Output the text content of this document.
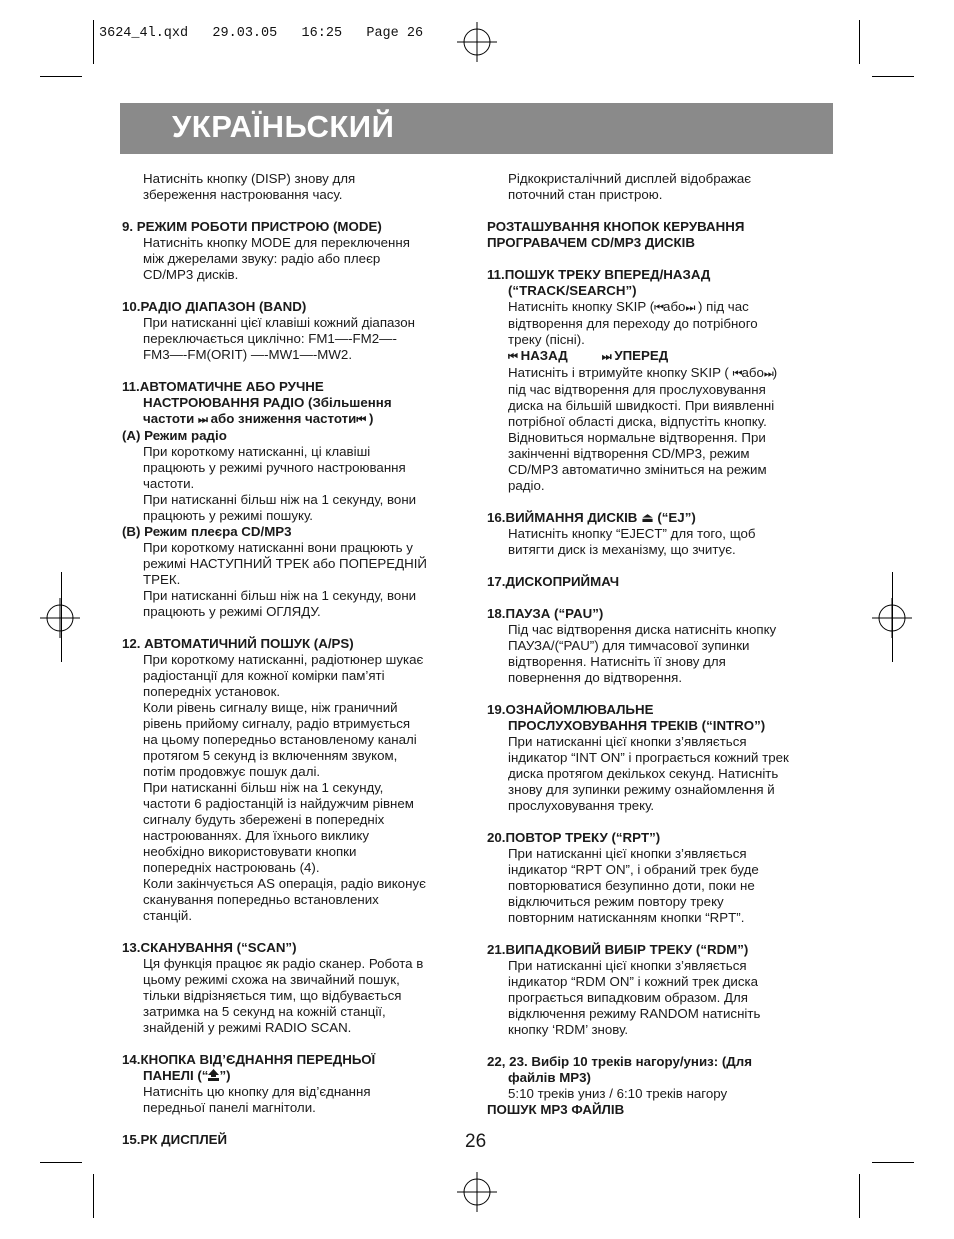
3624_4l.qxd   29.03.05   16:25   Page 26
УКРАЇНЬСКИЙ

Натисніть кнопку (DISP) знову для

збереження настроювання часу.

9. РЕЖИМ РОБОТИ ПРИСТРОЮ (MODE)

Натисніть кнопку MODE для переключення

між джерелами звуку: радіо або плеєр

CD/MP3 дисків.

10.РАДІО ДІАПАЗОН (BAND)

При натисканні цієї клавіші кожний діапазон

переключається циклічно: FM1—-FM2—-

FM3—-FM(ORIT) —-MW1—-MW2.

11.АВТОМАТИЧНЕ АБО РУЧНЕ

НАСТРОЮВАННЯ РАДІО (Збільшення

частоти ⏭ або зниження частоти⏮ )

(А) Режим радіо

При короткому натисканні, ці клавіші

працюють у режимі ручного настроювання

частоти.

При натисканні більш ніж на 1 секунду, вони

працюють у режимі пошуку.

(В) Режим плеєра CD/MP3

При короткому натисканні вони працюють у

режимі НАСТУПНИЙ ТРЕК або ПОПЕРЕДНІЙ

ТРЕК.

При натисканні більш ніж на 1 секунду, вони

працюють у режимі ОГЛЯДУ.

12. АВТОМАТИЧНИЙ ПОШУК (A/PS)

При короткому натисканні, радіотюнер шукає

радіостанції для кожної комірки пам’яті

попередніх установок.

Коли рівень сигналу вище, ніж граничний

рівень прийому сигналу, радіо втримується

на цьому попередньо встановленому каналі

протягом 5 секунд із включенням звуком,

потім продовжує пошук далі.

При натисканні більш ніж на 1 секунду,

частоти 6 радіостанцій із найдужчим рівнем

сигналу будуть збережені в попередніх

настроюваннях. Для їхнього виклику

необхідно використовувати кнопки

попередніх настроювань (4).

Коли закінчується AS операція, радіо виконує

сканування попередньо встановлених

станцій.

13.СКАНУВАННЯ (“SCAN”)

Ця функція працює як радіо сканер. Робота в

цьому режимі схожа на звичайний пошук,

тільки відрізняється тим, що відбувається

затримка на 5 секунд на кожній станції,

знайденій у режимі RADIO SCAN.

14.КНОПКА ВІД’ЄДНАННЯ ПЕРЕДНЬОЇ

ПАНЕЛІ (“ ”)

Натисніть цю кнопку для від’єднання

передньої панелі магнітоли.

15.РК ДИСПЛЕЙ

Рідкокристалічний дисплей відображає

поточний стан пристрою.

РОЗТАШУВАННЯ КНОПОК КЕРУВАННЯ

ПРОГРАВАЧЕМ CD/MP3 ДИСКІВ

11.ПОШУК ТРЕКУ ВПЕРЕД/НАЗАД

(“TRACK/SEARCH”)

Натисніть кнопку SKIP (⏮або⏭ ) під час

відтворення для переходу до потрібного

треку (пісні).

⏮ НАЗАД	⏭ УПЕРЕД

Натисніть і втримуйте кнопку SKIP ( ⏮або⏭)

під час відтворення для прослуховування

диска на більшій швидкості. При виявленні

потрібної області диска, відпустіть кнопку.

Відновиться нормальне відтворення. При

закінченні відтворення CD/MP3, режим

CD/MP3 автоматично зміниться на режим

радіо.

16.ВИЙМАННЯ ДИСКІВ ⏏ (“EJ”)

Натисніть кнопку “EJECT” для того, щоб

витягти диск із механізму, що зчитує.

17.ДИСКОПРИЙМАЧ

18.ПАУЗА (“PAU”)

Під час відтворення диска натисніть кнопку

ПАУЗА/(“PAU”) для тимчасової зупинки

відтворення. Натисніть її знову для

повернення до відтворення.

19.ОЗНАЙОМЛЮВАЛЬНЕ

ПРОСЛУХОВУВАННЯ ТРЕКІВ (“INTRO”)

При натисканні цієї кнопки з’являється

індикатор “INT ON” і програється кожний трек

диска протягом декількох секунд. Натисніть

знову для зупинки режиму ознайомлення й

прослуховування треку.

20.ПОВТОР ТРЕКУ (“RPT”)

При натисканні цієї кнопки з’являється

індикатор “RPT ON”, і обраний трек буде

повторюватися безупинно доти, поки не

відключиться режим повтору треку

повторним натисканням кнопки “RPT”.

21.ВИПАДКОВИЙ ВИБІР ТРЕКУ (“RDM”)

При натисканні цієї кнопки з’являється

індикатор “RDM ON” і кожний трек диска

програється випадковим образом. Для

відключення режиму RANDOM натисніть

кнопку ‘RDM’ знову.

22, 23. Вибір 10 треків нагору/униз: (Для

файлів MP3)

5:10 треків униз / 6:10 треків нагору

ПОШУК MP3 ФАЙЛІВ

26
